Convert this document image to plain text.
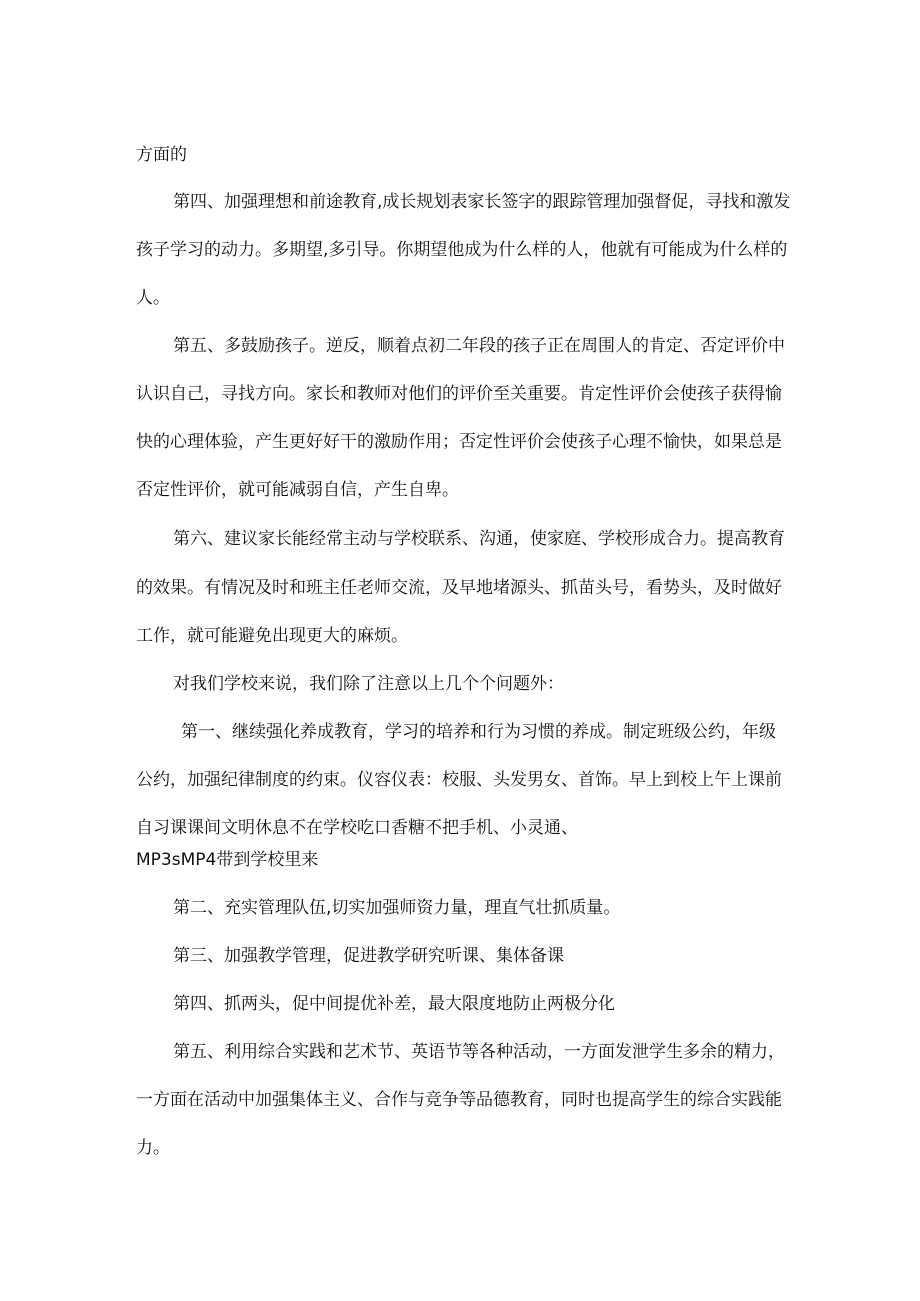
方面的
第四、加强理想和前途教育,成长规划表家长签字的跟踪管理加强督促，寻找和激发
孩子学习的动力。多期望,多引导。你期望他成为什么样的人，他就有可能成为什么样的
人。
第五、多鼓励孩子。逆反，顺着点初二年段的孩子正在周围人的肯定、否定评价中
认识自己，寻找方向。家长和教师对他们的评价至关重要。肯定性评价会使孩子获得愉
快的心理体验，产生更好好干的激励作用；否定性评价会使孩子心理不愉快，如果总是
否定性评价，就可能减弱自信，产生自卑。
第六、建议家长能经常主动与学校联系、沟通，使家庭、学校形成合力。提高教育
的效果。有情况及时和班主任老师交流，及早地堵源头、抓苗头号，看势头，及时做好
工作，就可能避免出现更大的麻烦。
对我们学校来说，我们除了注意以上几个个问题外：
第一、继续强化养成教育，学习的培养和行为习惯的养成。制定班级公约，年级
公约，加强纪律制度的约束。仪容仪表：校服、头发男女、首饰。早上到校上午上课前
自习课课间文明休息不在学校吃口香糖不把手机、小灵通、
MP3sMP4带到学校里来
第二、充实管理队伍,切实加强师资力量，理直气壮抓质量。
第三、加强教学管理，促进教学研究听课、集体备课
第四、抓两头，促中间提优补差，最大限度地防止两极分化
第五、利用综合实践和艺术节、英语节等各种活动，一方面发泄学生多余的精力，
一方面在活动中加强集体主义、合作与竞争等品德教育，同时也提高学生的综合实践能
力。
